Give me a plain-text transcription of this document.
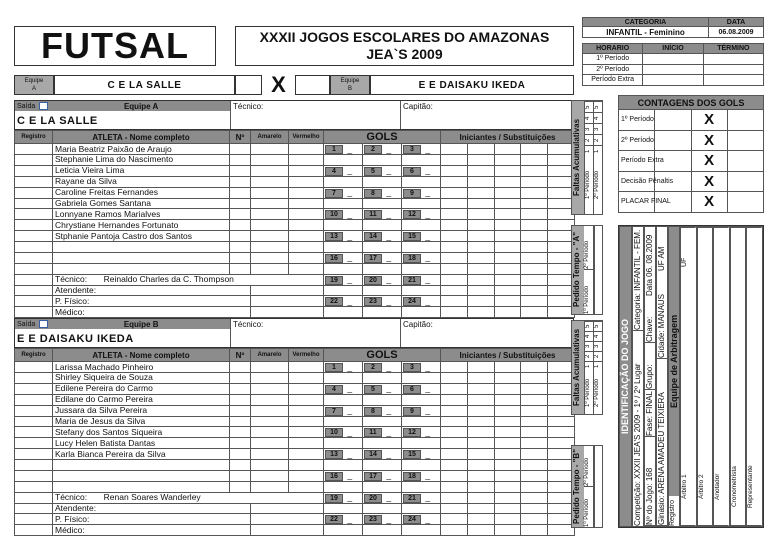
FUTSAL	XXXII JOGOS ESCOLARES DO AMAZONAS
JEA`S 2009
CATEGORIA	DATA
INFANTIL - Feminino	06.08.2009
HORARIO	INÍCIO	TÉRMINO
1º Período		
2º Período		
Período Extra		
Equipe
A	C E LA SALLE	X	Equipe
B	E E DAISAKU IKEDA
Saída	Equipe A
C E LA SALLE
Técnico:	Capitão:
Registro	ATLETA - Nome completo	Nº	Amarelo	Vermelho	GOLS						Iniciantes / Substituições				
	Maria Beatriz Paixão de Araujo				1	_	2	_	3	_					
	Stephanie Lima do Nascimento														
	Leticia Vieira Lima				4	_	5	_	6	_					
	Rayane da Silva														
	Caroline Freitas Fernandes				7	_	8	_	9	_					
	Gabriela Gomes Santana														
	Lonnyane Ramos Marialves				10	_	11	_	12	_					
	Chrystiane Hernandes Fortunato														
	Stphanie Pantoja Castro dos Santos				13	_	14	_	15	_					

					16	_	17	_	18	_					

	Técnico: Reinaldo Charles da C. Thompson				19	_	20	_	21	_					
	Atendente:														
	P. Físico:				22	_	23	_	24	_					
	Médico:														
Saída	Equipe B
E E DAISAKU IKEDA
Técnico:	Capitão:
Registro	ATLETA - Nome completo	Nº	Amarelo	Vermelho	GOLS						Iniciantes / Substituições				
	Larissa Machado Pinheiro				1	_	2	_	3	_					
	Shirley Siqueira de Souza														
	Edilene Pereira do Carmo				4	_	5	_	6	_					
	Edilane do Carmo Pereira														
	Jussara da Silva Pereira				7	_	8	_	9	_					
	Maria de Jesus da Silva														
	Stefany dos Santos Siqueira				10	_	11	_	12	_					
	Lucy Helen Batista Dantas														
	Karla Bianca Pereira da Silva				13	_	14	_	15	_					

					16	_	17	_	18	_					

	Técnico: Renan Soares Wanderley				19	_	20	_	21	_					
	Atendente:														
	P. Físico:				22	_	23	_	24	_					
	Médico:														
Faltas Acumulativas 1º Período
1
2
3
4
5
2º Período
1
2
3
4
5
Faltas Acumulativas 1º Período
1
2
3
4
5
2º Período
1
2
3
4
5
Pedido Tempo - "A" 1º Período
2º Período
Pedido Tempo - "B" 1º Período
2º Período
CONTAGENS DOS GOLS			
1º Período		X	
2º Período		X	
Período Extra		X	
Decisão Pênaltis		X	
PLACAR FINAL		X	
IDENTIFICAÇÃO DO JOGO Competição: XXXII JEA'S 2009 - 1º / 2º Lugar
Categoria: INFANTIL - FEM.
Nº do Jogo: 168
Fase: FINAL
Grupo:
Chave:
Data 06. 08.2009
Ginásio: ARENA AMADEU TEIXIERA
Cidade: MANAUS
UF AM
Registro
Equipe de Arbitragem
UF
Árbitro 1	Árbitro 2	Anotador	Cronometrista	Representante
